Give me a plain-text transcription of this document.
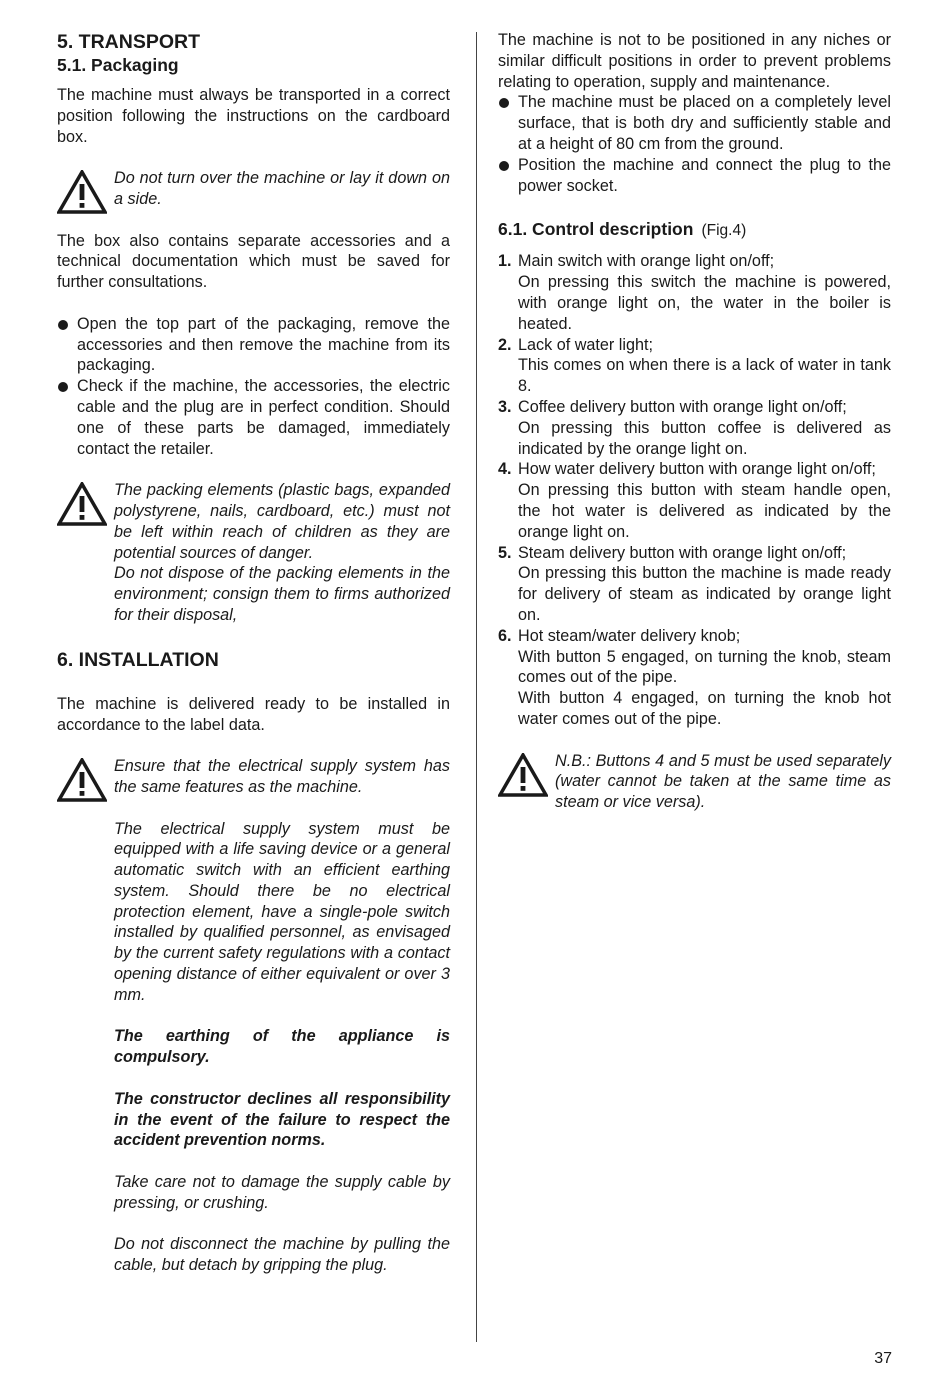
5. TRANSPORT
5.1. Packaging

The machine must always be transported in a correct position following the instructions on the cardboard box.

Do not turn over the machine or lay it down on a side.

The box also contains separate accessories and a technical documentation which must be saved for further consultations.

Open the top part of the packaging, remove the accessories and then remove the machine from its packaging.
Check if the machine, the accessories, the electric cable and the plug are in perfect condition. Should one of these parts be damaged, immediately contact the retailer.

The packing elements (plastic bags, expanded polystyrene, nails, cardboard, etc.) must not be left within reach of children as they are potential sources of danger.

Do not dispose of the packing elements in the environment; consign them to firms authorized for their disposal,

6. INSTALLATION

The machine is delivered ready to be installed in accordance to the label data.

Ensure that the electrical supply system has the same features as the machine.

The electrical supply system must be equipped with a life saving device or a general automatic switch with an efficient earthing system. Should there be no electrical protection element, have a single-pole switch installed by qualified personnel, as envisaged by the current safety regulations with a contact opening distance of either equivalent or over 3 mm.

The earthing of the appliance is compulsory.

The constructor declines all responsibility in the event of the failure to respect the accident prevention norms.

Take care not to damage the supply cable by pressing, or crushing.

Do not disconnect the machine by pulling the cable, but detach by gripping the plug.

The machine is not to be positioned in any niches or similar difficult positions in order to prevent problems relating to operation, supply and maintenance.

The machine must be placed on a completely level surface, that is both dry and sufficiently stable and at a height of 80 cm from the ground.
Position the machine and connect the plug to the power socket.
6.1. Control description (Fig.4)
1. Main switch with orange light on/off;
On pressing this switch the machine is powered, with orange light on, the water in the boiler is heated.
2. Lack of water light;
This comes on when there is a lack of water in tank 8.
3. Coffee delivery button with orange light on/off;
On pressing this button coffee is delivered as indicated by the orange light on.
4. How water delivery button with orange light on/off;
On pressing this button with steam handle open, the hot water is delivered as indicated by the orange light on.
5. Steam delivery button with orange light on/off;
On pressing this button the machine is made ready for delivery of steam as indicated by orange light on.
6. Hot steam/water delivery knob;
With button 5 engaged, on turning the knob, steam comes out of the pipe.
With button 4 engaged, on turning the knob hot water comes out of the pipe.

N.B.: Buttons 4 and 5 must be used separately (water cannot be taken at the same time as steam or vice versa).

37
